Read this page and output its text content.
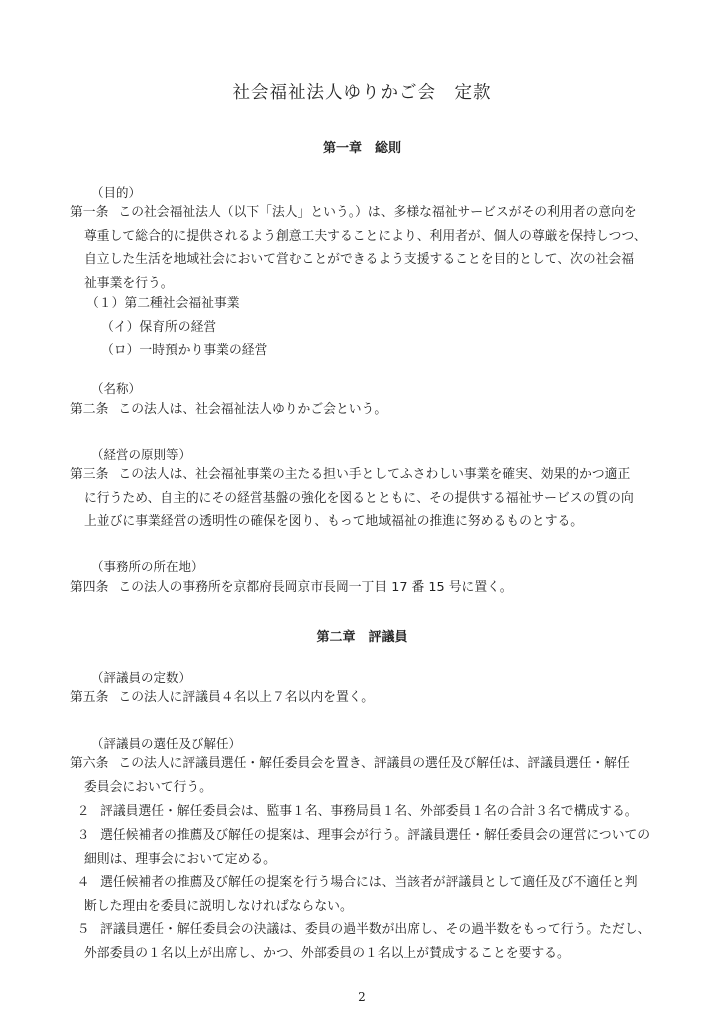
社会福祉法人ゆりかご会　定款
第一章　総則
（目的）
第一条 この社会福祉法人（以下「法人」という。）は、多様な福祉サービスがその利用者の意向を
尊重して総合的に提供されるよう創意工夫することにより、利用者が、個人の尊厳を保持しつつ、
自立した生活を地域社会において営むことができるよう支援することを目的として、次の社会福
祉事業を行う。
（１）第二種社会福祉事業
（イ）保育所の経営
（ロ）一時預かり事業の経営
（名称）
第二条 この法人は、社会福祉法人ゆりかご会という。
（経営の原則等）
第三条 この法人は、社会福祉事業の主たる担い手としてふさわしい事業を確実、効果的かつ適正
に行うため、自主的にその経営基盤の強化を図るとともに、その提供する福祉サービスの質の向
上並びに事業経営の透明性の確保を図り、もって地域福祉の推進に努めるものとする。
（事務所の所在地）
第四条 この法人の事務所を京都府長岡京市長岡一丁目 17 番 15 号に置く。
第二章　評議員
（評議員の定数）
第五条 この法人に評議員４名以上７名以内を置く。
（評議員の選任及び解任）
第六条 この法人に評議員選任・解任委員会を置き、評議員の選任及び解任は、評議員選任・解任
委員会において行う。
２ 評議員選任・解任委員会は、監事１名、事務局員１名、外部委員１名の合計３名で構成する。
３ 選任候補者の推薦及び解任の提案は、理事会が行う。評議員選任・解任委員会の運営についての
細則は、理事会において定める。
４ 選任候補者の推薦及び解任の提案を行う場合には、当該者が評議員として適任及び不適任と判
断した理由を委員に説明しなければならない。
５ 評議員選任・解任委員会の決議は、委員の過半数が出席し、その過半数をもって行う。ただし、
外部委員の１名以上が出席し、かつ、外部委員の１名以上が賛成することを要する。
2
